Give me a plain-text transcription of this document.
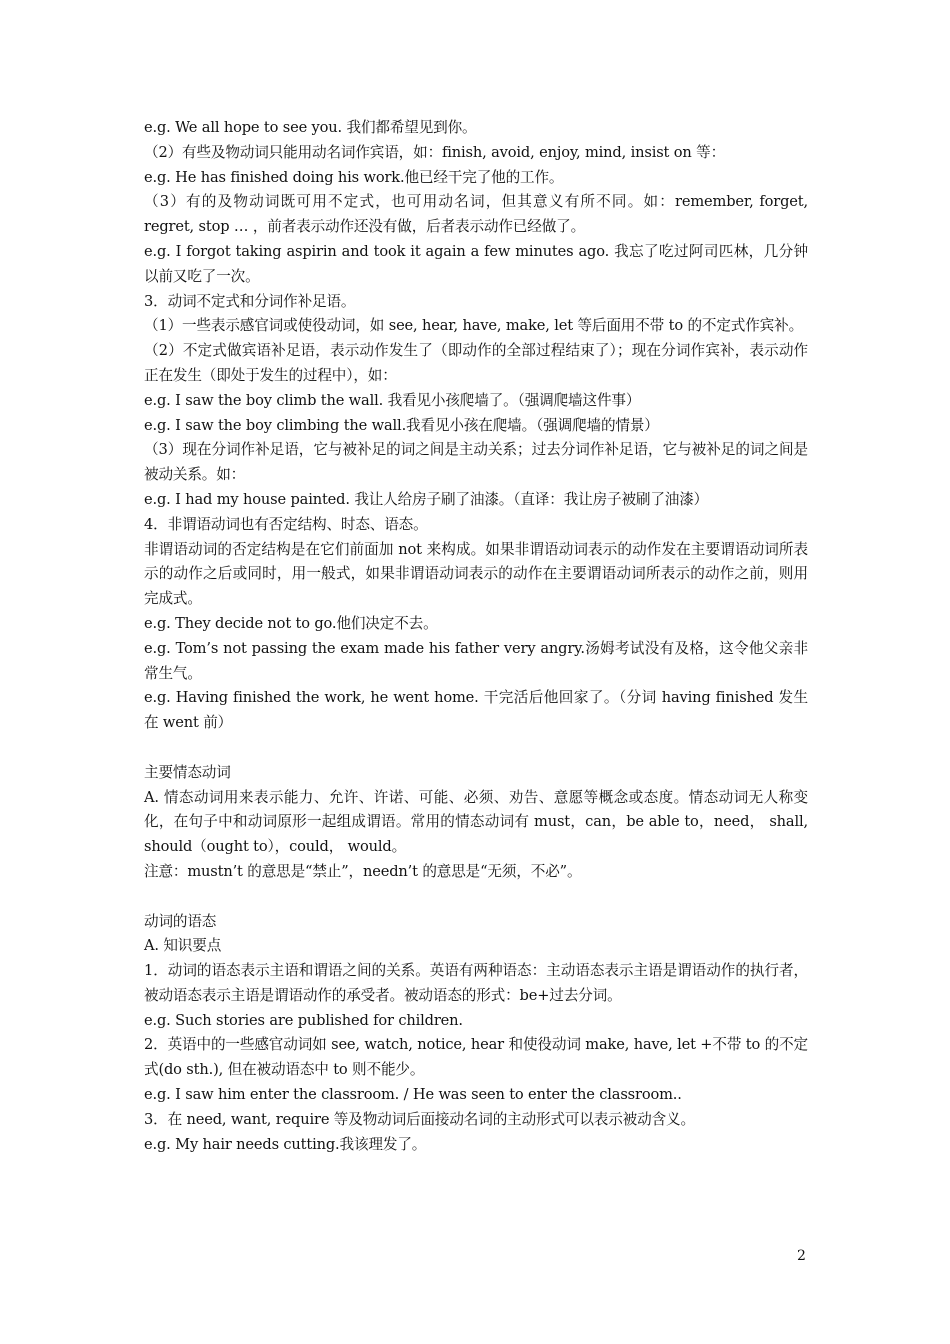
e.g. We all hope to see you. 我们都希望见到你。

（2）有些及物动词只能用动名词作宾语，如：finish, avoid, enjoy, mind, insist on 等：

e.g. He has finished doing his work.他已经干完了他的工作。

（3）有的及物动词既可用不定式，也可用动名词，但其意义有所不同。如：remember, forget, regret, stop … ，前者表示动作还没有做，后者表示动作已经做了。

e.g. I forgot taking aspirin and took it again a few minutes ago. 我忘了吃过阿司匹林，几分钟以前又吃了一次。

3．动词不定式和分词作补足语。

（1）一些表示感官词或使役动词，如 see, hear, have, make, let 等后面用不带 to 的不定式作宾补。

（2）不定式做宾语补足语，表示动作发生了（即动作的全部过程结束了）；现在分词作宾补，表示动作正在发生（即处于发生的过程中），如：

e.g. I saw the boy climb the wall. 我看见小孩爬墙了。（强调爬墙这件事）

e.g. I saw the boy climbing the wall.我看见小孩在爬墙。（强调爬墙的情景）

（3）现在分词作补足语，它与被补足的词之间是主动关系；过去分词作补足语，它与被补足的词之间是被动关系。如：

e.g. I had my house painted. 我让人给房子刷了油漆。（直译：我让房子被刷了油漆）

4．非谓语动词也有否定结构、时态、语态。

非谓语动词的否定结构是在它们前面加 not 来构成。如果非谓语动词表示的动作发在主要谓语动词所表示的动作之后或同时，用一般式，如果非谓语动词表示的动作在主要谓语动词所表示的动作之前，则用完成式。

e.g. They decide not to go.他们决定不去。

e.g. Tom’s not passing the exam made his father very angry.汤姆考试没有及格，这令他父亲非常生气。

e.g. Having finished the work, he went home. 干完活后他回家了。（分词 having finished 发生在 went 前）

主要情态动词

A. 情态动词用来表示能力、允许、许诺、可能、必须、劝告、意愿等概念或态度。情态动词无人称变化，在句子中和动词原形一起组成谓语。常用的情态动词有 must，can，be able to，need， shall, should（ought to），could， would。

注意：mustn’t 的意思是“禁止”，needn’t 的意思是“无须，不必”。

动词的语态

A. 知识要点

1．动词的语态表示主语和谓语之间的关系。英语有两种语态：主动语态表示主语是谓语动作的执行者，被动语态表示主语是谓语动作的承受者。被动语态的形式：be+过去分词。

e.g. Such stories are published for children.

2．英语中的一些感官动词如 see, watch, notice, hear 和使役动词 make, have, let +不带 to 的不定式(do sth.), 但在被动语态中 to 则不能少。

e.g. I saw him enter the classroom. / He was seen to enter the classroom..

3．在 need, want, require 等及物动词后面接动名词的主动形式可以表示被动含义。

e.g. My hair needs cutting.我该理发了。

2
